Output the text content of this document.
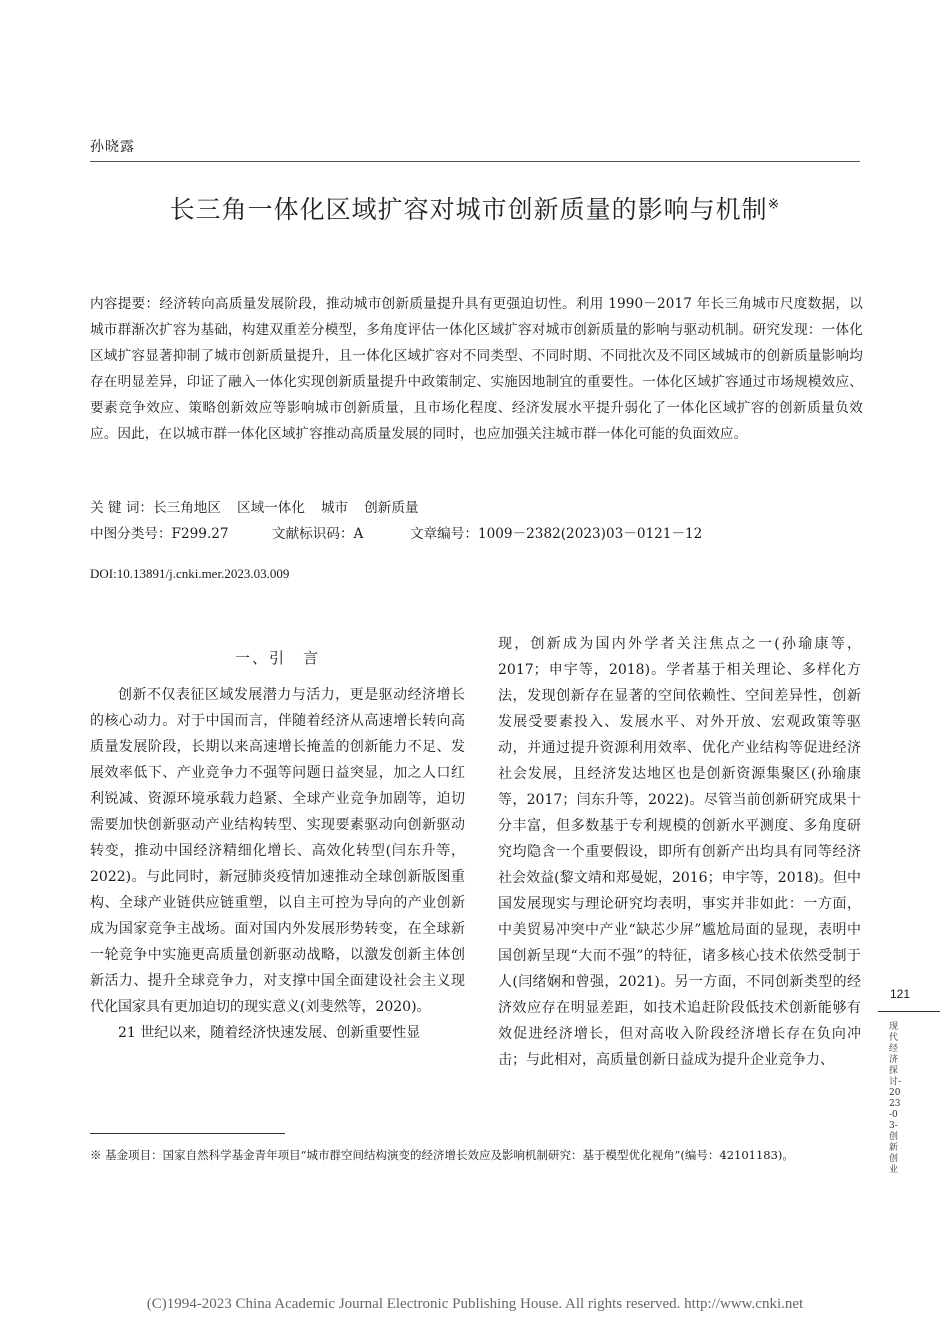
孙晓露
长三角一体化区域扩容对城市创新质量的影响与机制※
内容提要：经济转向高质量发展阶段，推动城市创新质量提升具有更强迫切性。利用 1990－2017 年长三角城市尺度数据，以城市群渐次扩容为基础，构建双重差分模型，多角度评估一体化区域扩容对城市创新质量的影响与驱动机制。研究发现：一体化区域扩容显著抑制了城市创新质量提升，且一体化区域扩容对不同类型、不同时期、不同批次及不同区域城市的创新质量影响均存在明显差异，印证了融入一体化实现创新质量提升中政策制定、实施因地制宜的重要性。一体化区域扩容通过市场规模效应、要素竞争效应、策略创新效应等影响城市创新质量，且市场化程度、经济发展水平提升弱化了一体化区域扩容的创新质量负效应。因此，在以城市群一体化区域扩容推动高质量发展的同时，也应加强关注城市群一体化可能的负面效应。
关 键 词：长三角地区 区域一体化 城市 创新质量
中图分类号：F299.27	文献标识码：A	文章编号：1009－2382(2023)03－0121－12
DOI:10.13891/j.cnki.mer.2023.03.009
一、引　言

创新不仅表征区域发展潜力与活力，更是驱动经济增长的核心动力。对于中国而言，伴随着经济从高速增长转向高质量发展阶段，长期以来高速增长掩盖的创新能力不足、发展效率低下、产业竞争力不强等问题日益突显，加之人口红利锐减、资源环境承载力趋紧、全球产业竞争加剧等，迫切需要加快创新驱动产业结构转型、实现要素驱动向创新驱动转变，推动中国经济精细化增长、高效化转型(闫东升等，2022)。与此同时，新冠肺炎疫情加速推动全球创新版图重构、全球产业链供应链重塑，以自主可控为导向的产业创新成为国家竞争主战场。面对国内外发展形势转变，在全球新一轮竞争中实施更高质量创新驱动战略，以激发创新主体创新活力、提升全球竞争力，对支撑中国全面建设社会主义现代化国家具有更加迫切的现实意义(刘斐然等，2020)。

21 世纪以来，随着经济快速发展、创新重要性显

现，创新成为国内外学者关注焦点之一(孙瑜康等，2017；申宇等，2018)。学者基于相关理论、多样化方法，发现创新存在显著的空间依赖性、空间差异性，创新发展受要素投入、发展水平、对外开放、宏观政策等驱动，并通过提升资源利用效率、优化产业结构等促进经济社会发展，且经济发达地区也是创新资源集聚区(孙瑜康等，2017；闫东升等，2022)。尽管当前创新研究成果十分丰富，但多数基于专利规模的创新水平测度、多角度研究均隐含一个重要假设，即所有创新产出均具有同等经济社会效益(黎文靖和郑曼妮，2016；申宇等，2018)。但中国发展现实与理论研究均表明，事实并非如此：一方面，中美贸易冲突中产业“缺芯少屏”尴尬局面的显现，表明中国创新呈现“大而不强”的特征，诸多核心技术依然受制于人(闫绪娴和曾强，2021)。另一方面，不同创新类型的经济效应存在明显差距，如技术追赶阶段低技术创新能够有效促进经济增长，但对高收入阶段经济增长存在负向冲击；与此相对，高质量创新日益成为提升企业竞争力、

121
现代经济探讨-2023-03-创新创业
※ 基金项目：国家自然科学基金青年项目“城市群空间结构演变的经济增长效应及影响机制研究：基于模型优化视角”(编号：42101183)。
(C)1994-2023 China Academic Journal Electronic Publishing House. All rights reserved. http://www.cnki.net
